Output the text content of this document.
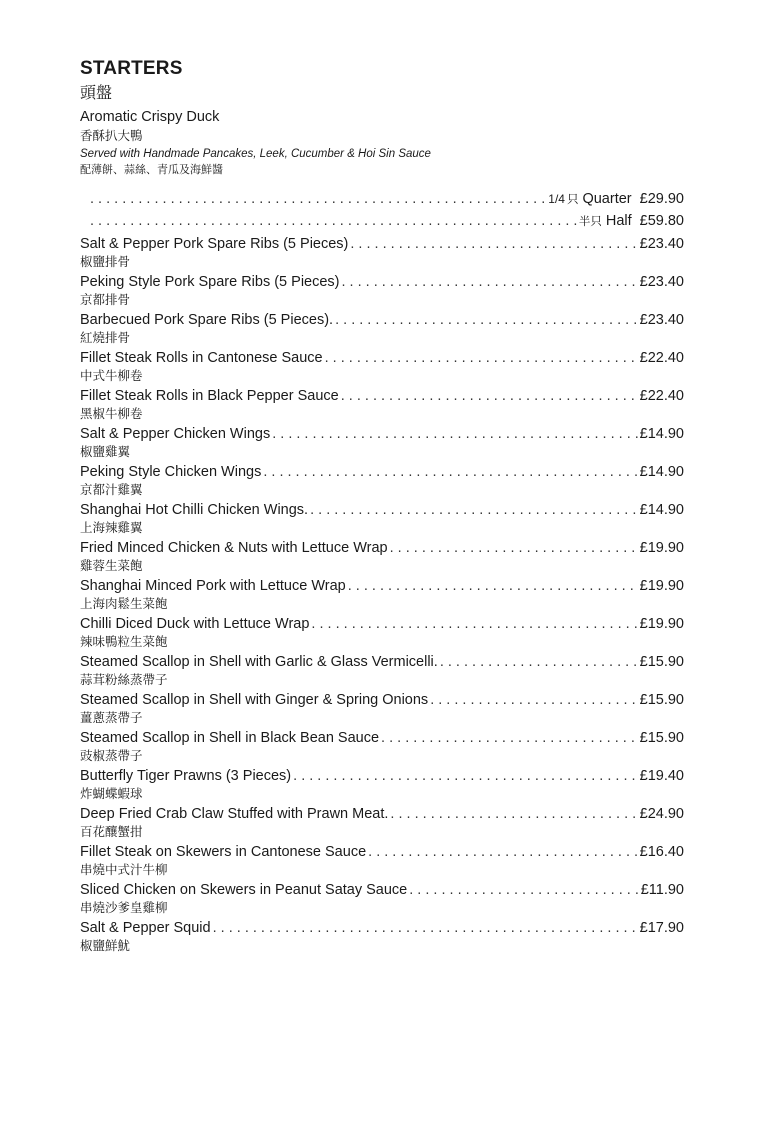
STARTERS
頭盤
Aromatic Crispy Duck
香酥扒大鴨
Served with Handmade Pancakes, Leek, Cucumber & Hoi Sin Sauce
配薄餅、蒜絲、青瓜及海鮮醬
. . .
1/4 只 Quarter £29.90
. . .
半只 Half £59.80
Salt & Pepper Pork Spare Ribs (5 Pieces) . . .	£23.40
椒鹽排骨
Peking Style Pork Spare Ribs (5 Pieces) . . .	£23.40
京都排骨
Barbecued Pork Spare Ribs (5 Pieces). . . .	£23.40
紅燒排骨
Fillet Steak Rolls in Cantonese Sauce . . .	£22.40
中式牛柳卷
Fillet Steak Rolls in Black Pepper Sauce . . .	£22.40
黑椒牛柳卷
Salt & Pepper Chicken Wings . . .	£14.90
椒鹽雞翼
Peking Style Chicken Wings . . .	£14.90
京都汁雞翼
Shanghai Hot Chilli Chicken Wings. . . .	£14.90
上海辣雞翼
Fried Minced Chicken & Nuts with Lettuce Wrap . . .	£19.90
雞蓉生菜飽
Shanghai Minced Pork with Lettuce Wrap . . .	£19.90
上海肉鬆生菜飽
Chilli Diced Duck with Lettuce Wrap . . .	£19.90
辣味鴨粒生菜飽
Steamed Scallop in Shell with Garlic & Glass Vermicelli. . . .	£15.90
蒜茸粉絲蒸帶子
Steamed Scallop in Shell with Ginger & Spring Onions . . .	£15.90
薑蔥蒸帶子
Steamed Scallop in Shell in Black Bean Sauce . . .	£15.90
豉椒蒸帶子
Butterfly Tiger Prawns (3 Pieces) . . .	£19.40
炸蝴蝶蝦球
Deep Fried Crab Claw Stuffed with Prawn Meat. . . .	£24.90
百花釀蟹拑
Fillet Steak on Skewers in Cantonese Sauce . . .	£16.40
串燒中式汁牛柳
Sliced Chicken on Skewers in Peanut Satay Sauce . . .	£11.90
串燒沙爹皇雞柳
Salt & Pepper Squid . . .	£17.90
椒鹽鮮魷
